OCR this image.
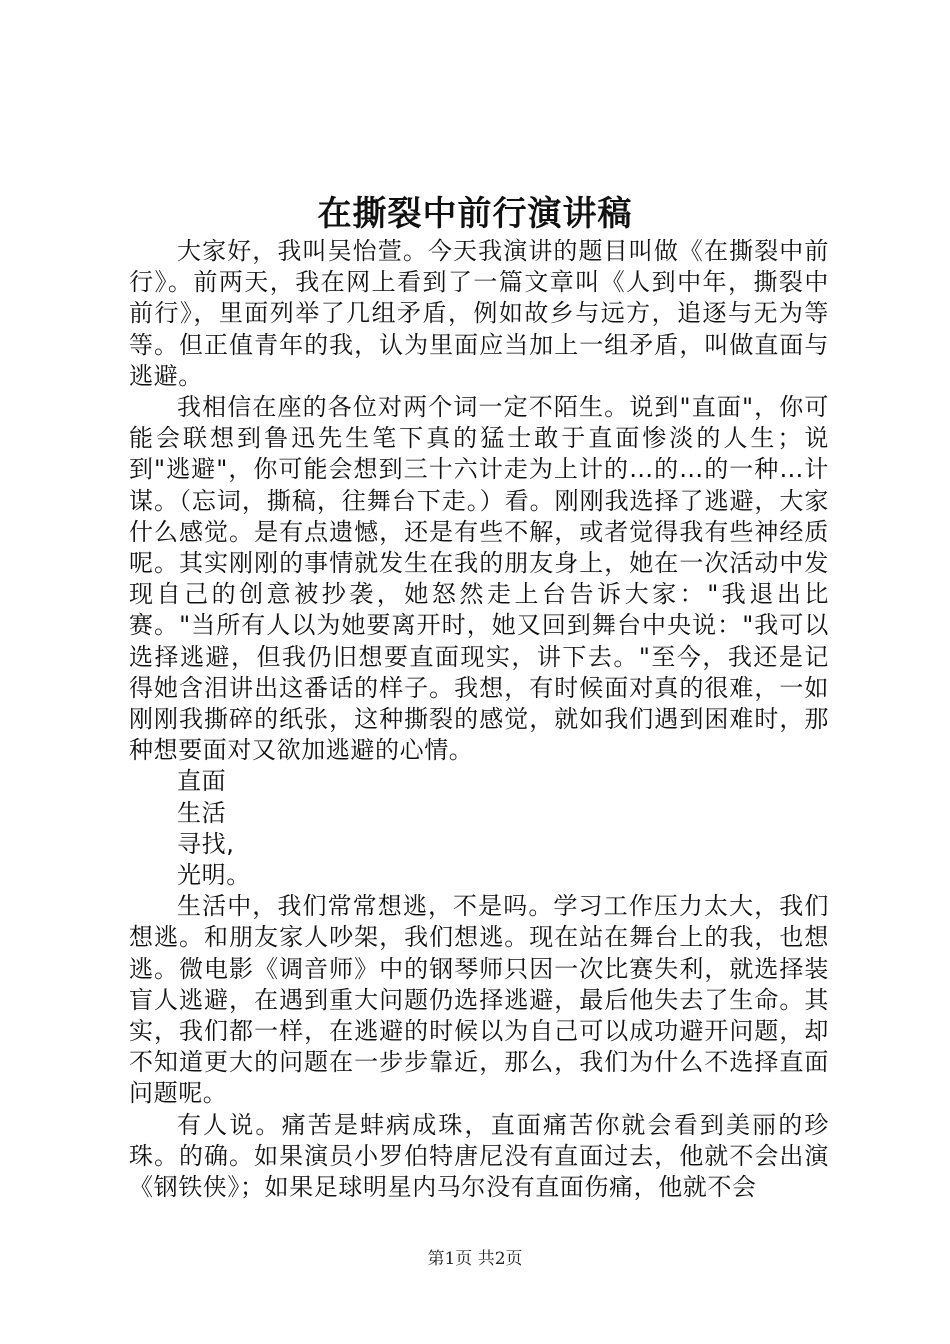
在撕裂中前行演讲稿

大家好，我叫吴怡萱。今天我演讲的题目叫做《在撕裂中前行》。前两天，我在网上看到了一篇文章叫《人到中年，撕裂中前行》，里面列举了几组矛盾，例如故乡与远方，追逐与无为等等。但正值青年的我，认为里面应当加上一组矛盾，叫做直面与逃避。

我相信在座的各位对两个词一定不陌生。说到"直面"，你可能会联想到鲁迅先生笔下真的猛士敢于直面惨淡的人生；说到"逃避"，你可能会想到三十六计走为上计的…的…的一种…计谋。（忘词，撕稿，往舞台下走。）看。刚刚我选择了逃避，大家什么感觉。是有点遗憾，还是有些不解，或者觉得我有些神经质呢。其实刚刚的事情就发生在我的朋友身上，她在一次活动中发现自己的创意被抄袭，她怒然走上台告诉大家："我退出比赛。"当所有人以为她要离开时，她又回到舞台中央说："我可以选择逃避，但我仍旧想要直面现实，讲下去。"至今，我还是记得她含泪讲出这番话的样子。我想，有时候面对真的很难，一如刚刚我撕碎的纸张，这种撕裂的感觉，就如我们遇到困难时，那种想要面对又欲加逃避的心情。

直面

生活

寻找,

光明。

生活中，我们常常想逃，不是吗。学习工作压力太大，我们想逃。和朋友家人吵架，我们想逃。现在站在舞台上的我，也想逃。微电影《调音师》中的钢琴师只因一次比赛失利，就选择装盲人逃避，在遇到重大问题仍选择逃避，最后他失去了生命。其实，我们都一样，在逃避的时候以为自己可以成功避开问题，却不知道更大的问题在一步步靠近，那么，我们为什么不选择直面问题呢。

有人说。痛苦是蚌病成珠，直面痛苦你就会看到美丽的珍珠。的确。如果演员小罗伯特唐尼没有直面过去，他就不会出演《钢铁侠》；如果足球明星内马尔没有直面伤痛，他就不会

第1页 共2页
